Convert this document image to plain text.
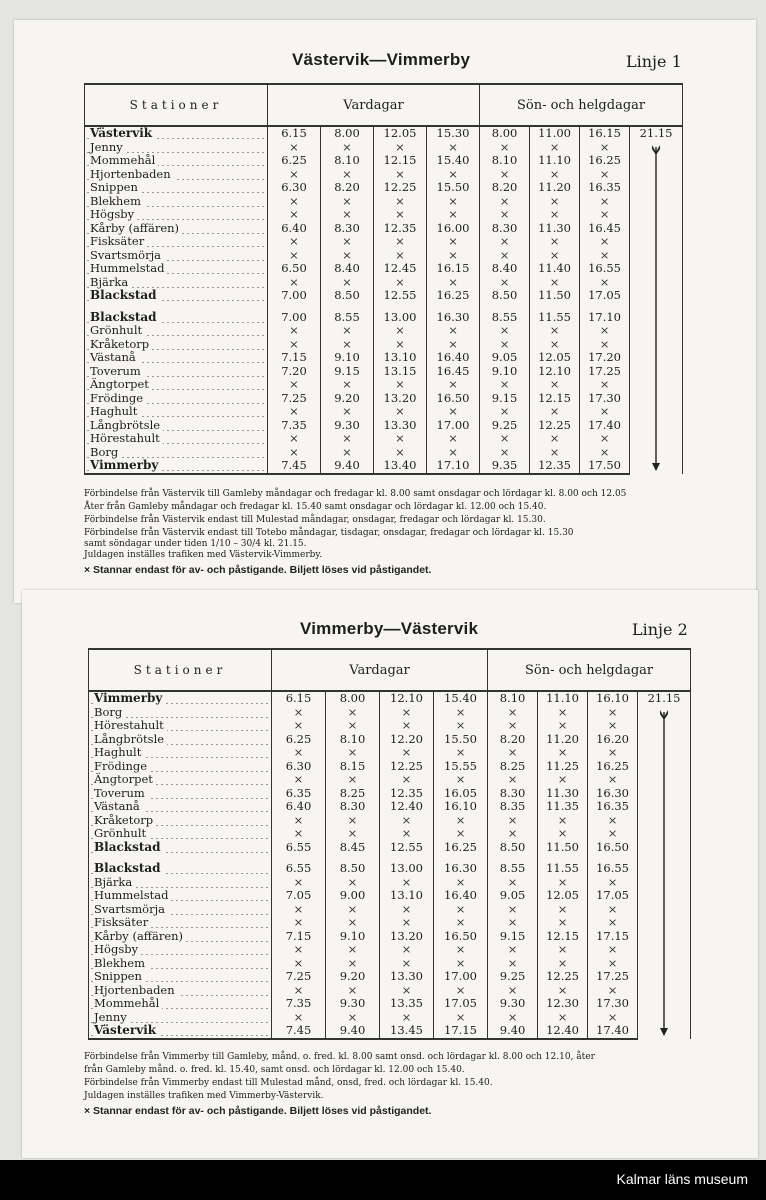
Västervik—Vimmerby	Linje 1
Stationer	Vardagar				Sön- och helgdagar			
Västervik	6.15	8.00	12.05	15.30	8.00	11.00	16.15	21.15

Jenny	×	×	×	×	×	×	×	
Mommehål	6.25	8.10	12.15	15.40	8.10	11.10	16.25	
Hjortenbaden	×	×	×	×	×	×	×	
Snippen	6.30	8.20	12.25	15.50	8.20	11.20	16.35	
Blekhem	×	×	×	×	×	×	×	
Högsby	×	×	×	×	×	×	×	
Kårby (affären)	6.40	8.30	12.35	16.00	8.30	11.30	16.45	
Fisksäter	×	×	×	×	×	×	×	
Svartsmörja	×	×	×	×	×	×	×	
Hummelstad	6.50	8.40	12.45	16.15	8.40	11.40	16.55	
Bjärka	×	×	×	×	×	×	×	
Blackstad	7.00	8.50	12.55	16.25	8.50	11.50	17.05	

Blackstad	7.00	8.55	13.00	16.30	8.55	11.55	17.10	
Grönhult	×	×	×	×	×	×	×	
Kråketorp	×	×	×	×	×	×	×	
Västanå	7.15	9.10	13.10	16.40	9.05	12.05	17.20	
Toverum	7.20	9.15	13.15	16.45	9.10	12.10	17.25	
Ängtorpet	×	×	×	×	×	×	×	
Frödinge	7.25	9.20	13.20	16.50	9.15	12.15	17.30	
Haghult	×	×	×	×	×	×	×	
Långbrötsle	7.35	9.30	13.30	17.00	9.25	12.25	17.40	
Hörestahult	×	×	×	×	×	×	×	
Borg	×	×	×	×	×	×	×	
Vimmerby	7.45	9.40	13.40	17.10	9.35	12.35	17.50	
Förbindelse från Västervik till Gamleby måndagar och fredagar kl. 8.00 samt onsdagar och lördagar kl. 8.00 och 12.05
Åter från Gamleby måndagar och fredagar kl. 15.40 samt onsdagar och lördagar kl. 12.00 och 15.40.
Förbindelse från Västervik endast till Mulestad måndagar, onsdagar, fredagar och lördagar kl. 15.30.
Förbindelse från Västervik endast till Totebo måndagar, tisdagar, onsdagar, fredagar och lördagar kl. 15.30
samt söndagar under tiden 1/10 – 30/4 kl. 21.15.
Juldagen inställes trafiken med Västervik-Vimmerby.
× Stannar endast för av- och påstigande. Biljett löses vid påstigandet.
Vimmerby—Västervik	Linje 2
Stationer	Vardagar				Sön- och helgdagar			
Vimmerby	6.15	8.00	12.10	15.40	8.10	11.10	16.10	21.15

Borg	×	×	×	×	×	×	×	
Hörestahult	×	×	×	×	×	×	×	
Långbrötsle	6.25	8.10	12.20	15.50	8.20	11.20	16.20	
Haghult	×	×	×	×	×	×	×	
Frödinge	6.30	8.15	12.25	15.55	8.25	11.25	16.25	
Ängtorpet	×	×	×	×	×	×	×	
Toverum	6.35	8.25	12.35	16.05	8.30	11.30	16.30	
Västanå	6.40	8.30	12.40	16.10	8.35	11.35	16.35	
Kråketorp	×	×	×	×	×	×	×	
Grönhult	×	×	×	×	×	×	×	
Blackstad	6.55	8.45	12.55	16.25	8.50	11.50	16.50	

Blackstad	6.55	8.50	13.00	16.30	8.55	11.55	16.55	
Bjärka	×	×	×	×	×	×	×	
Hummelstad	7.05	9.00	13.10	16.40	9.05	12.05	17.05	
Svartsmörja	×	×	×	×	×	×	×	
Fisksäter	×	×	×	×	×	×	×	
Kårby (affären)	7.15	9.10	13.20	16.50	9.15	12.15	17.15	
Högsby	×	×	×	×	×	×	×	
Blekhem	×	×	×	×	×	×	×	
Snippen	7.25	9.20	13.30	17.00	9.25	12.25	17.25	
Hjortenbaden	×	×	×	×	×	×	×	
Mommehål	7.35	9.30	13.35	17.05	9.30	12.30	17.30	
Jenny	×	×	×	×	×	×	×	
Västervik	7.45	9.40	13.45	17.15	9.40	12.40	17.40	
Förbindelse från Vimmerby till Gamleby, månd. o. fred. kl. 8.00 samt onsd. och lördagar kl. 8.00 och 12.10, åter
från Gamleby månd. o. fred. kl. 15.40, samt onsd. och lördagar kl. 12.00 och 15.40.
Förbindelse från Vimmerby endast till Mulestad månd, onsd, fred. och lördagar kl. 15.40.
Juldagen inställes trafiken med Vimmerby-Västervik.
× Stannar endast för av- och påstigande. Biljett löses vid påstigandet.
Kalmar läns museum
